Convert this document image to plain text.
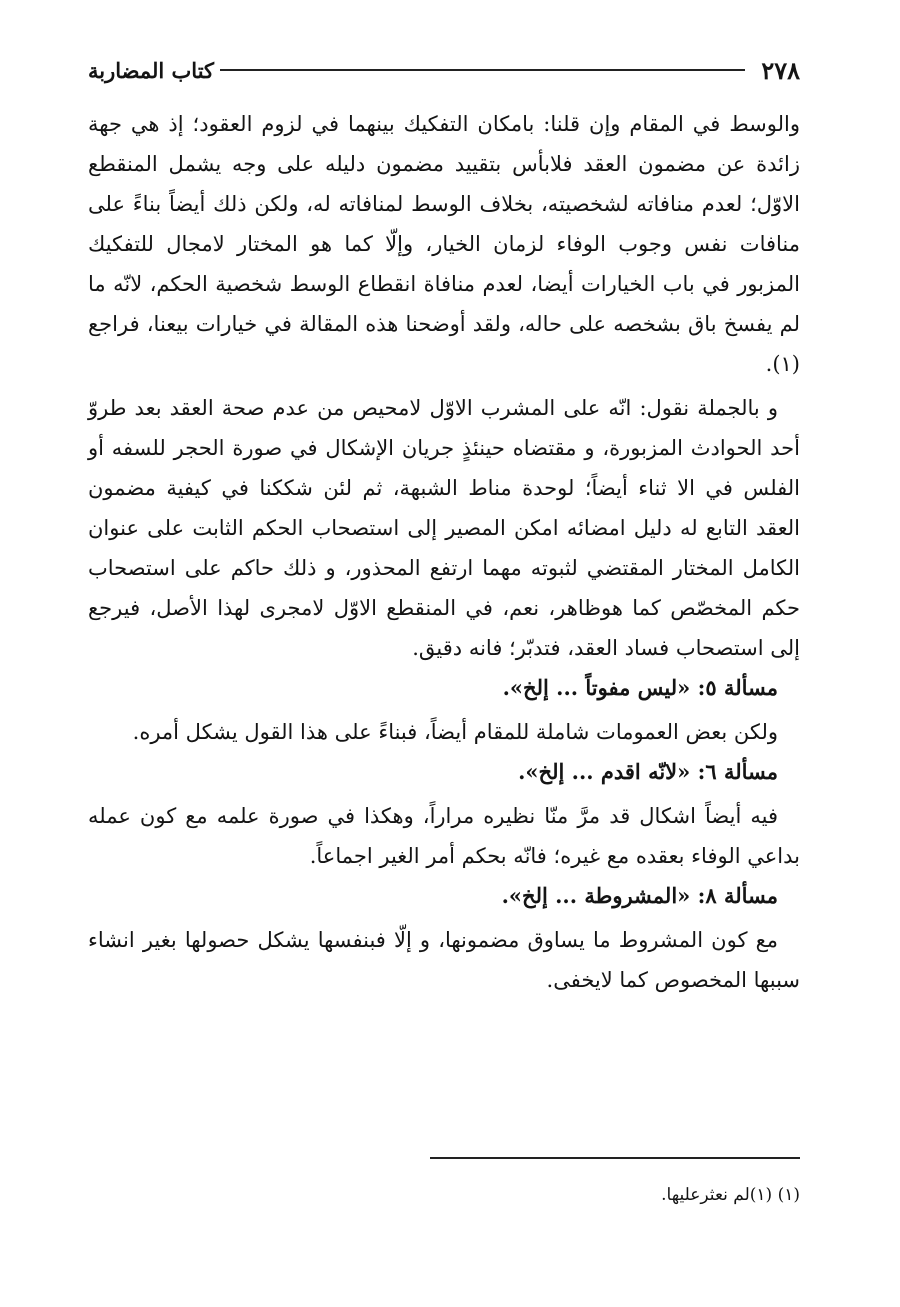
٢٧٨
كتاب المضاربة

والوسط في المقام وإن قلنا: بامكان التفكيك بينهما في لزوم العقود؛ إذ هي جهة زائدة عن مضمون العقد فلابأس بتقييد مضمون دليله على وجه يشمل المنقطع الاوّل؛ لعدم منافاته لشخصيته، بخلاف الوسط لمنافاته له، ولكن ذلك أيضاً بناءً على منافات نفس وجوب الوفاء لزمان الخيار، وإلّا كما هو المختار لامجال للتفكيك المزبور في باب الخيارات أيضا، لعدم منافاة انقطاع الوسط شخصية الحكم، لانّه ما لم يفسخ باق بشخصه على حاله، ولقد أوضحنا هذه المقالة في خيارات بيعنا، فراجع (١).

و بالجملة نقول: انّه على المشرب الاوّل لامحيص من عدم صحة العقد بعد طروّ أحد الحوادث المزبورة، و مقتضاه حينئذٍ جريان الإشكال في صورة الحجر للسفه أو الفلس في الا ثناء أيضاً؛ لوحدة مناط الشبهة، ثم لئن شككنا في كيفية مضمون العقد التابع له دليل امضائه امكن المصير إلى استصحاب الحكم الثابت على عنوان الكامل المختار المقتضي لثبوته مهما ارتفع المحذور، و ذلك حاكم على استصحاب حكم المخصّص كما هوظاهر، نعم، في المنقطع الاوّل لامجرى لهذا الأصل، فيرجع إلى استصحاب فساد العقد، فتدبّر؛ فانه دقيق.

مسألة ٥: «ليس مفوتاً ... إلخ».

ولكن بعض العمومات شاملة للمقام أيضاً، فبناءً على هذا القول يشكل أمره.

مسألة ٦: «لانّه اقدم ... إلخ».

فيه أيضاً اشكال قد مرَّ منّا نظيره مراراً، وهكذا في صورة علمه مع كون عمله بداعي الوفاء بعقده مع غيره؛ فانّه بحكم أمر الغير اجماعاً.

مسألة ٨: «المشروطة ... إلخ».

مع كون المشروط ما يساوق مضمونها، و إلّا فبنفسها يشكل حصولها بغير انشاء سببها المخصوص كما لايخفى.

(١) (١)لم نعثرعليها.
